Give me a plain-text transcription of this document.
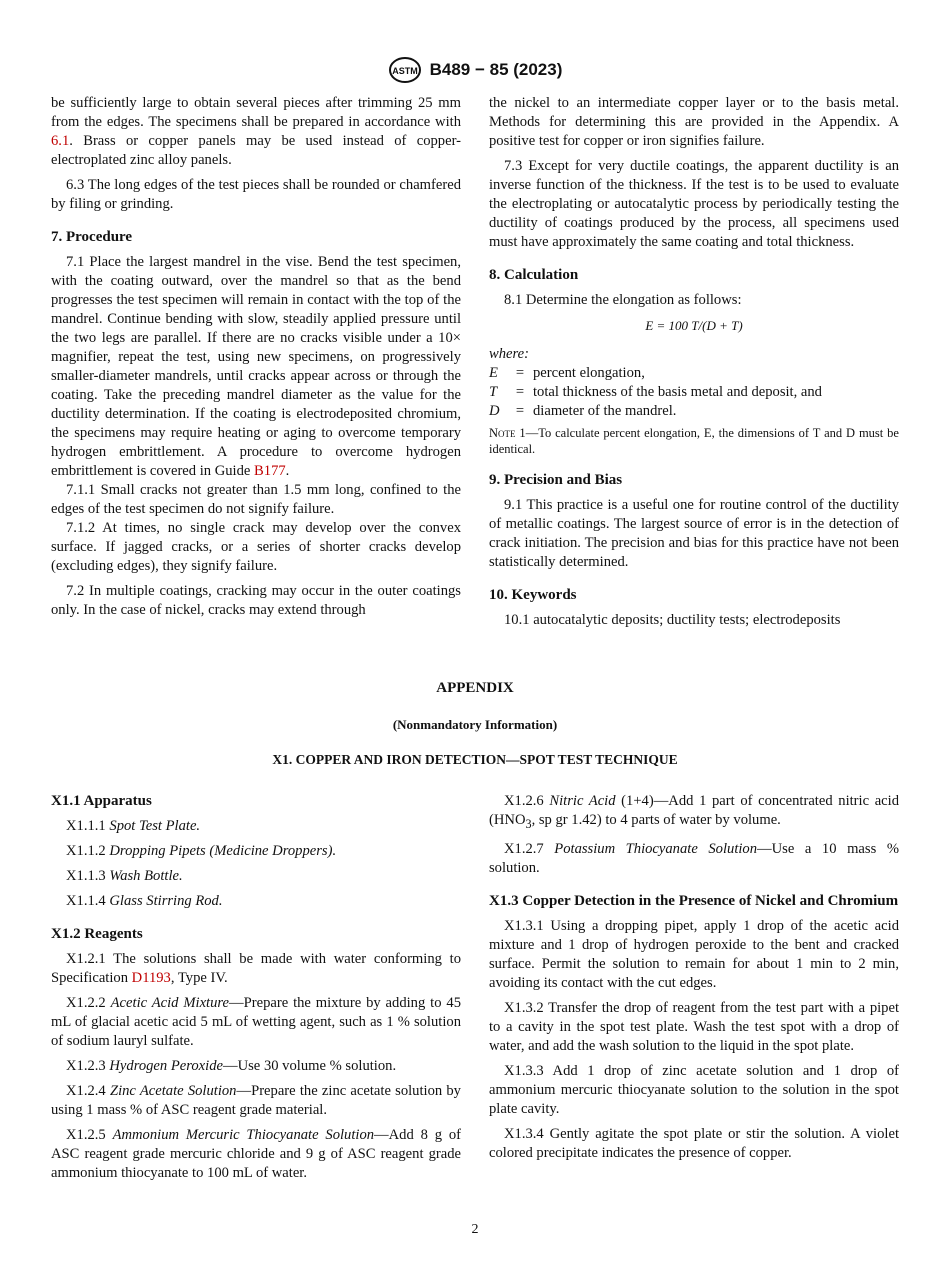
ASTM B489 − 85 (2023)

be sufficiently large to obtain several pieces after trimming 25 mm from the edges. The specimens shall be prepared in accordance with 6.1. Brass or copper panels may be used instead of copper-electroplated zinc alloy panels.

6.3 The long edges of the test pieces shall be rounded or chamfered by filing or grinding.

7. Procedure

7.1 Place the largest mandrel in the vise. Bend the test specimen, with the coating outward, over the mandrel so that as the bend progresses the test specimen will remain in contact with the top of the mandrel. Continue bending with slow, steadily applied pressure until the two legs are parallel. If there are no cracks visible under a 10× magnifier, repeat the test, using new specimens, on progressively smaller-diameter mandrels, until cracks appear across or through the coating. Take the preceding mandrel diameter as the value for the ductility determination. If the coating is electrodeposited chromium, the specimens may require heating or aging to overcome temporary hydrogen embrittlement. A procedure to overcome hydrogen embrittlement is covered in Guide B177.

7.1.1 Small cracks not greater than 1.5 mm long, confined to the edges of the test specimen do not signify failure.

7.1.2 At times, no single crack may develop over the convex surface. If jagged cracks, or a series of shorter cracks develop (excluding edges), they signify failure.

7.2 In multiple coatings, cracking may occur in the outer coatings only. In the case of nickel, cracks may extend through

the nickel to an intermediate copper layer or to the basis metal. Methods for determining this are provided in the Appendix. A positive test for copper or iron signifies failure.

7.3 Except for very ductile coatings, the apparent ductility is an inverse function of the thickness. If the test is to be used to evaluate the electroplating or autocatalytic process by periodically testing the ductility of coatings produced by the process, all specimens used must have approximately the same coating and total thickness.

8. Calculation

8.1 Determine the elongation as follows:

E = 100 T/(D + T)
where:
E	= percent elongation,
T	= total thickness of the basis metal and deposit, and
D	= diameter of the mandrel.
Note 1—To calculate percent elongation, E, the dimensions of T and D must be identical.
9. Precision and Bias

9.1 This practice is a useful one for routine control of the ductility of metallic coatings. The largest source of error is in the detection of crack initiation. The precision and bias for this practice have not been statistically determined.

10. Keywords

10.1 autocatalytic deposits; ductility tests; electrodeposits

APPENDIX
(Nonmandatory Information)
X1. COPPER AND IRON DETECTION—SPOT TEST TECHNIQUE
X1.1 Apparatus

X1.1.1 Spot Test Plate.

X1.1.2 Dropping Pipets (Medicine Droppers).

X1.1.3 Wash Bottle.

X1.1.4 Glass Stirring Rod.

X1.2 Reagents

X1.2.1 The solutions shall be made with water conforming to Specification D1193, Type IV.

X1.2.2 Acetic Acid Mixture—Prepare the mixture by adding to 45 mL of glacial acetic acid 5 mL of wetting agent, such as 1 % solution of sodium lauryl sulfate.

X1.2.3 Hydrogen Peroxide—Use 30 volume % solution.

X1.2.4 Zinc Acetate Solution—Prepare the zinc acetate solution by using 1 mass % of ASC reagent grade material.

X1.2.5 Ammonium Mercuric Thiocyanate Solution—Add 8 g of ASC reagent grade mercuric chloride and 9 g of ASC reagent grade ammonium thiocyanate to 100 mL of water.

X1.2.6 Nitric Acid (1+4)—Add 1 part of concentrated nitric acid ($HNO_3$, sp gr 1.42) to 4 parts of water by volume.

X1.2.7 Potassium Thiocyanate Solution—Use a 10 mass % solution.

X1.3 Copper Detection in the Presence of Nickel and Chromium

X1.3.1 Using a dropping pipet, apply 1 drop of the acetic acid mixture and 1 drop of hydrogen peroxide to the bent and cracked surface. Permit the solution to remain for about 1 min to 2 min, avoiding its contact with the cut edges.

X1.3.2 Transfer the drop of reagent from the test part with a pipet to a cavity in the spot test plate. Wash the test spot with a drop of water, and add the wash solution to the liquid in the spot plate.

X1.3.3 Add 1 drop of zinc acetate solution and 1 drop of ammonium mercuric thiocyanate solution to the solution in the spot plate cavity.

X1.3.4 Gently agitate the spot plate or stir the solution. A violet colored precipitate indicates the presence of copper.

2
